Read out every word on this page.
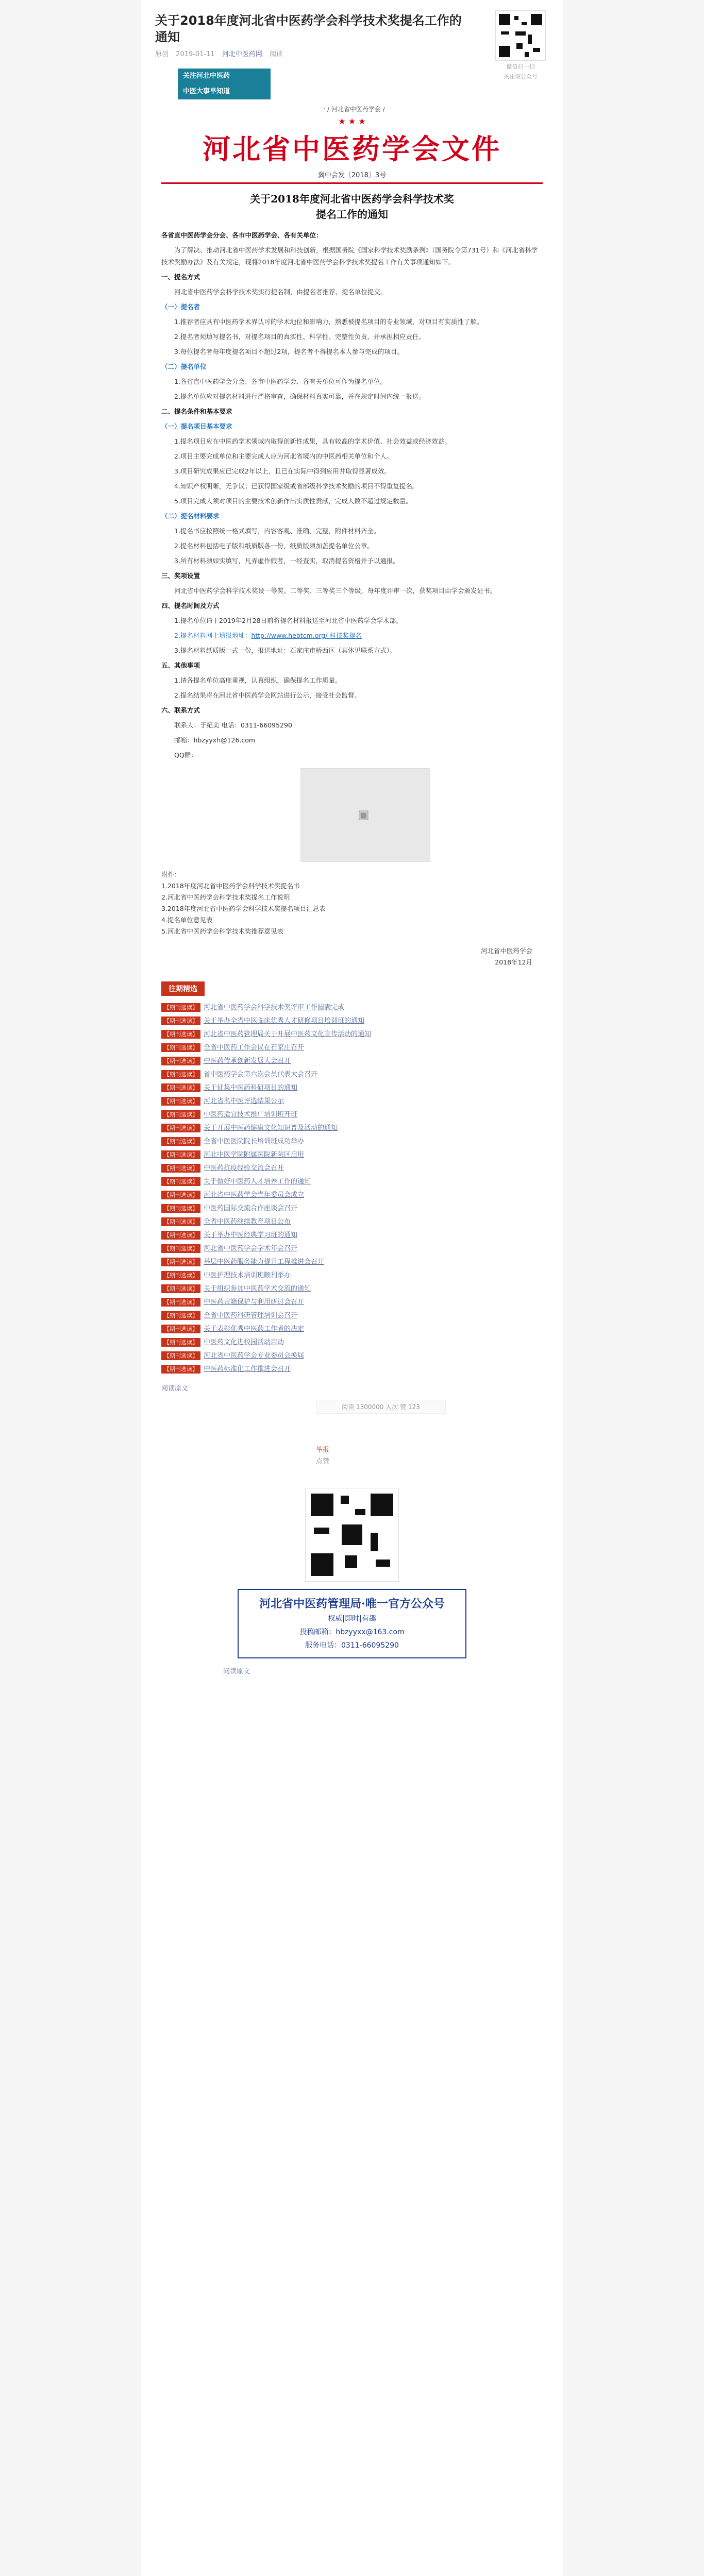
关于2018年度河北省中医药学会科学技术奖提名工作的通知
原创 2019-01-11 河北中医药网 阅读
微信扫一扫
关注该公众号
关注河北中医药
中医大事早知道
一 / 河北省中医药学会 /
★ ★ ★
河北省中医药学会文件
冀中会发〔2018〕3号
关于2018年度河北省中医药学会科学技术奖
提名工作的通知

各省直中医药学会分会、各市中医药学会、各有关单位：

为了解决、推动河北省中医药学术发展和科技创新，根据国务院《国家科学技术奖励条例》（国务院令第731号）和《河北省科学技术奖励办法》及有关规定，现将2018年度河北省中医药学会科学技术奖提名工作有关事项通知如下。

一、提名方式

河北省中医药学会科学技术奖实行提名制，由提名者推荐、提名单位提交。

（一）提名者

1.推荐者应具有中医药学术界认可的学术地位和影响力，熟悉被提名项目的专业领域，对项目有实质性了解。

2.提名者须填写提名书，对提名项目的真实性、科学性、完整性负责，并承担相应责任。

3.每位提名者每年度提名项目不超过2项，提名者不得提名本人参与完成的项目。

（二）提名单位

1.各省直中医药学会分会、各市中医药学会、各有关单位可作为提名单位。

2.提名单位应对提名材料进行严格审查，确保材料真实可靠，并在规定时间内统一报送。

二、提名条件和基本要求

（一）提名项目基本要求

1.提名项目应在中医药学术领域内取得创新性成果，具有较高的学术价值、社会效益或经济效益。

2.项目主要完成单位和主要完成人应为河北省境内的中医药相关单位和个人。

3.项目研究成果应已完成2年以上，且已在实际中得到应用并取得显著成效。

4.知识产权明晰，无争议；已获得国家级或省部级科学技术奖励的项目不得重复提名。

5.项目完成人须对项目的主要技术创新作出实质性贡献，完成人数不超过规定数量。

（二）提名材料要求

1.提名书应按照统一格式填写，内容客观、准确、完整，附件材料齐全。

2.提名材料包括电子版和纸质版各一份，纸质版须加盖提名单位公章。

3.所有材料须如实填写，凡弄虚作假者，一经查实，取消提名资格并予以通报。

三、奖项设置

河北省中医药学会科学技术奖设一等奖、二等奖、三等奖三个等级，每年度评审一次，获奖项目由学会颁发证书。

四、提名时间及方式

1.提名单位请于2019年2月28日前将提名材料报送至河北省中医药学会学术部。

2.提名材料网上填报地址：http://www.hebtcm.org/ 科技奖提名

3.提名材料纸质版一式一份，报送地址：石家庄市桥西区（具体见联系方式）。

五、其他事项

1.请各提名单位高度重视，认真组织，确保提名工作质量。

2.提名结果将在河北省中医药学会网站进行公示，接受社会监督。

六、联系方式

联系人：于纪美 电话：0311-66095290

邮箱：hbzyyxh@126.com

QQ群：

▣
附件：
1.2018年度河北省中医药学会科学技术奖提名书
2.河北省中医药学会科学技术奖提名工作说明
3.2018年度河北省中医药学会科学技术奖提名项目汇总表
4.提名单位意见表
5.河北省中医药学会科学技术奖推荐意见表
河北省中医药学会
2018年12月
往期精选
【期刊选读】 河北省中医药学会科学技术奖评审工作圆满完成
【期刊选读】 关于举办全省中医临床优秀人才研修项目培训班的通知
【期刊选读】 河北省中医药管理局关于开展中医药文化宣传活动的通知
【期刊选读】 全省中医药工作会议在石家庄召开
【期刊选读】 中医药传承创新发展大会召开
【期刊选读】 省中医药学会第六次会员代表大会召开
【期刊选读】 关于征集中医药科研项目的通知
【期刊选读】 河北省名中医评选结果公示
【期刊选读】 中医药适宜技术推广培训班开班
【期刊选读】 关于开展中医药健康文化知识普及活动的通知
【期刊选读】 全省中医医院院长培训班成功举办
【期刊选读】 河北中医学院附属医院新院区启用
【期刊选读】 中医药抗疫经验交流会召开
【期刊选读】 关于做好中医药人才培养工作的通知
【期刊选读】 河北省中医药学会青年委员会成立
【期刊选读】 中医药国际交流合作座谈会召开
【期刊选读】 全省中医药继续教育项目公布
【期刊选读】 关于举办中医经典学习班的通知
【期刊选读】 河北省中医药学会学术年会召开
【期刊选读】 基层中医药服务能力提升工程推进会召开
【期刊选读】 中医护理技术培训班顺利举办
【期刊选读】 关于组织参加中医药学术交流的通知
【期刊选读】 中医药古籍保护与利用研讨会召开
【期刊选读】 全省中医药科研管理培训会召开
【期刊选读】 关于表彰优秀中医药工作者的决定
【期刊选读】 中医药文化进校园活动启动
【期刊选读】 河北省中医药学会专业委员会换届
【期刊选读】 中医药标准化工作推进会召开
阅读原文
阅读 1300000 人次 赞 123
举报
点赞
河北省中医药管理局·唯一官方公众号
权威|即时|有趣
投稿邮箱：hbzyyxx@163.com
服务电话：0311-66095290
阅读原文
